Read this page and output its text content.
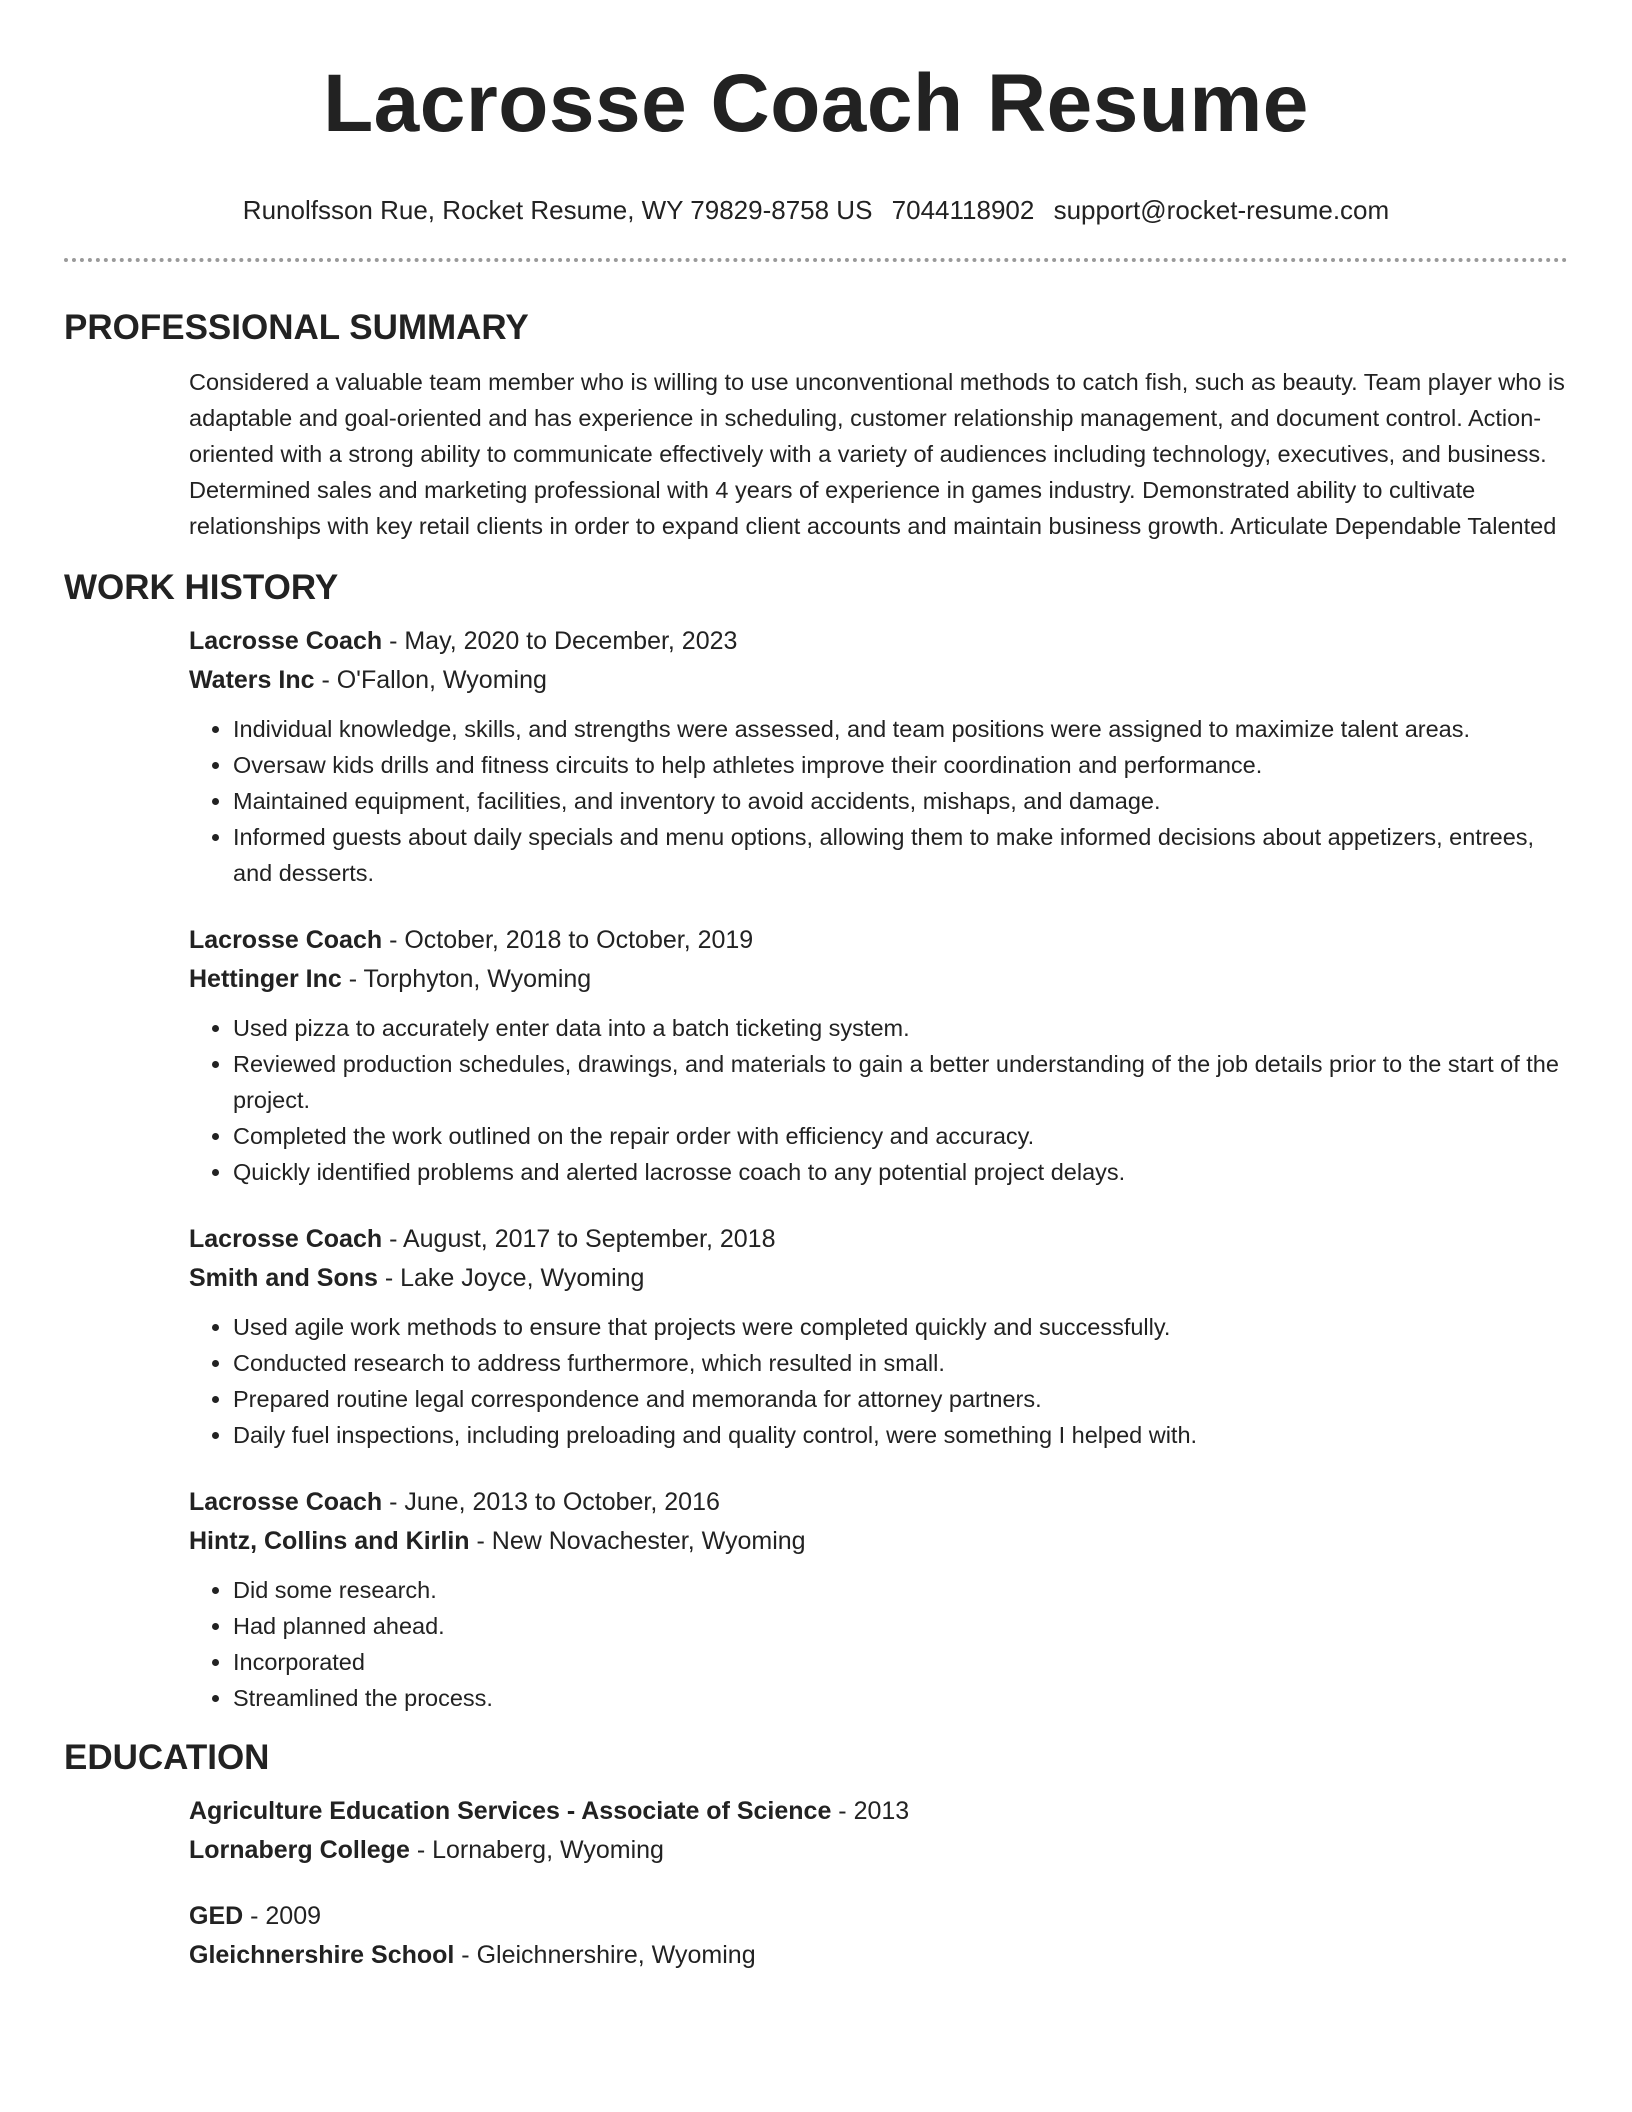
Lacrosse Coach Resume
Runolfsson Rue, Rocket Resume, WY 79829-8758 US 7044118902 support@rocket-resume.com
PROFESSIONAL SUMMARY

Considered a valuable team member who is willing to use unconventional methods to catch fish, such as beauty. Team player who is adaptable and goal-oriented and has experience in scheduling, customer relationship management, and document control. Action-oriented with a strong ability to communicate effectively with a variety of audiences including technology, executives, and business. Determined sales and marketing professional with 4 years of experience in games industry. Demonstrated ability to cultivate relationships with key retail clients in order to expand client accounts and maintain business growth. Articulate Dependable Talented

WORK HISTORY

Lacrosse Coach - May, 2020 to December, 2023

Waters Inc - O'Fallon, Wyoming

• Individual knowledge, skills, and strengths were assessed, and team positions were assigned to maximize talent areas.
• Oversaw kids drills and fitness circuits to help athletes improve their coordination and performance.
• Maintained equipment, facilities, and inventory to avoid accidents, mishaps, and damage.
• Informed guests about daily specials and menu options, allowing them to make informed decisions about appetizers, entrees, and desserts.

Lacrosse Coach - October, 2018 to October, 2019

Hettinger Inc - Torphyton, Wyoming

• Used pizza to accurately enter data into a batch ticketing system.
• Reviewed production schedules, drawings, and materials to gain a better understanding of the job details prior to the start of the project.
• Completed the work outlined on the repair order with efficiency and accuracy.
• Quickly identified problems and alerted lacrosse coach to any potential project delays.

Lacrosse Coach - August, 2017 to September, 2018

Smith and Sons - Lake Joyce, Wyoming

• Used agile work methods to ensure that projects were completed quickly and successfully.
• Conducted research to address furthermore, which resulted in small.
• Prepared routine legal correspondence and memoranda for attorney partners.
• Daily fuel inspections, including preloading and quality control, were something I helped with.

Lacrosse Coach - June, 2013 to October, 2016

Hintz, Collins and Kirlin - New Novachester, Wyoming

• Did some research.
• Had planned ahead.
• Incorporated
• Streamlined the process.
EDUCATION

Agriculture Education Services - Associate of Science - 2013

Lornaberg College - Lornaberg, Wyoming

GED - 2009

Gleichnershire School - Gleichnershire, Wyoming
